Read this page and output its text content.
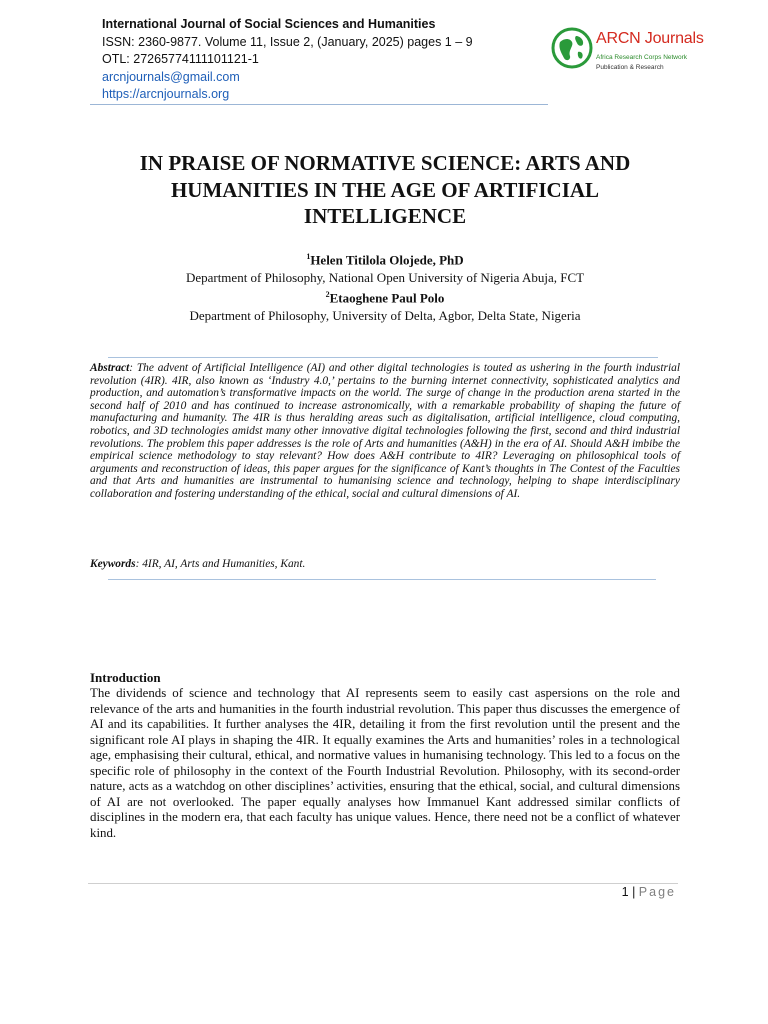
International Journal of Social Sciences and Humanities
ISSN: 2360-9877. Volume 11, Issue 2, (January, 2025) pages 1 – 9
OTL: 27265774111101121-1
arcnjournals@gmail.com
https://arcnjournals.org
ARCN Journals
Africa Research Corps Network
Publication & Research
IN PRAISE OF NORMATIVE SCIENCE: ARTS AND HUMANITIES IN THE AGE OF ARTIFICIAL INTELLIGENCE
$^1$Helen Titilola Olojede, PhD
Department of Philosophy, National Open University of Nigeria Abuja, FCT
$^2$Etaoghene Paul Polo
Department of Philosophy, University of Delta, Agbor, Delta State, Nigeria
Abstract: The advent of Artificial Intelligence (AI) and other digital technologies is touted as ushering in the fourth industrial revolution (4IR). 4IR, also known as ‘Industry 4.0,’ pertains to the burning internet connectivity, sophisticated analytics and production, and automation’s transformative impacts on the world. The surge of change in the production arena started in the second half of 2010 and has continued to increase astronomically, with a remarkable probability of shaping the future of manufacturing and humanity. The 4IR is thus heralding areas such as digitalisation, artificial intelligence, cloud computing, robotics, and 3D technologies amidst many other innovative digital technologies following the first, second and third industrial revolutions. The problem this paper addresses is the role of Arts and humanities (A&H) in the era of AI. Should A&H imbibe the empirical science methodology to stay relevant? How does A&H contribute to 4IR? Leveraging on philosophical tools of arguments and reconstruction of ideas, this paper argues for the significance of Kant’s thoughts in The Contest of the Faculties and that Arts and humanities are instrumental to humanising science and technology, helping to shape interdisciplinary collaboration and fostering understanding of the ethical, social and cultural dimensions of AI.
Keywords: 4IR, AI, Arts and Humanities, Kant.
Introduction
The dividends of science and technology that AI represents seem to easily cast aspersions on the role and relevance of the arts and humanities in the fourth industrial revolution. This paper thus discusses the emergence of AI and its capabilities. It further analyses the 4IR, detailing it from the first revolution until the present and the significant role AI plays in shaping the 4IR. It equally examines the Arts and humanities’ roles in a technological age, emphasising their cultural, ethical, and normative values in humanising technology. This led to a focus on the specific role of philosophy in the context of the Fourth Industrial Revolution. Philosophy, with its second-order nature, acts as a watchdog on other disciplines’ activities, ensuring that the ethical, social, and cultural dimensions of AI are not overlooked. The paper equally analyses how Immanuel Kant addressed similar conflicts of disciplines in the modern era, that each faculty has unique values. Hence, there need not be a conflict of whatever kind.
1 | Page
